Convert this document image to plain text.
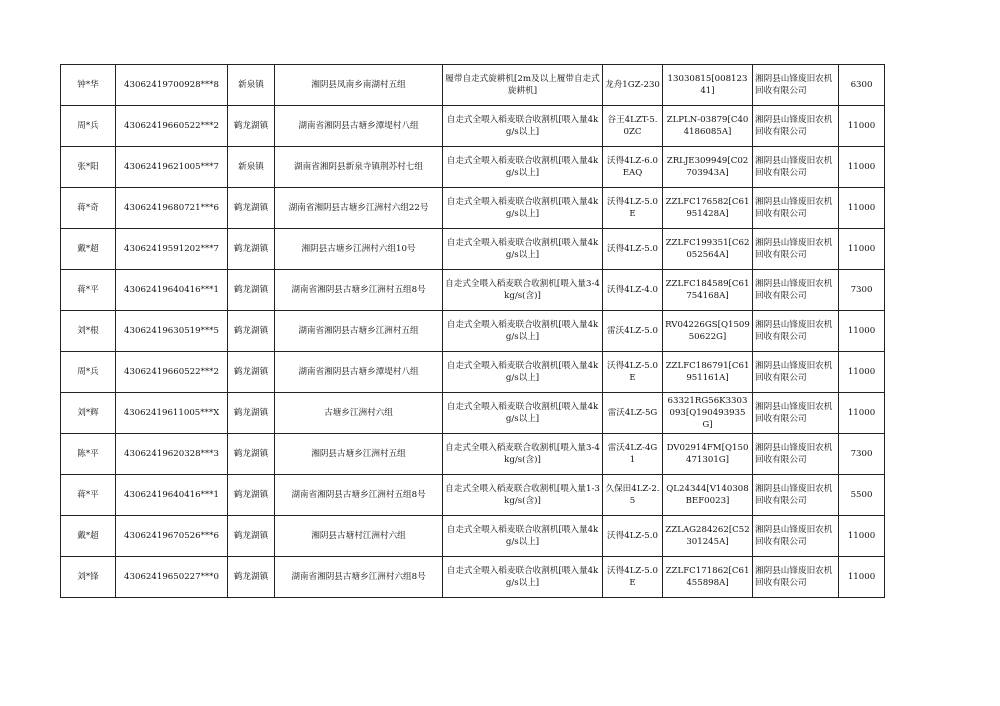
钟*华	43062419700928***8	新泉镇	湘阴县凤南乡南湖村五组	履带自走式旋耕机[2m及以上履带自走式旋耕机]	龙舟1GZ-230	13030815[00812341]	湘阴县山锋废旧农机回收有限公司	6300
周*兵	43062419660522***2	鹤龙湖镇	湖南省湘阴县古塘乡潭堤村八组	自走式全喂入稻麦联合收割机[喂入量4kg/s以上]	谷王4LZT-5.0ZC	ZLPLN-03879[C404186085A]	湘阴县山锋废旧农机回收有限公司	11000
张*阳	43062419621005***7	新泉镇	湖南省湘阴县新泉寺镇荆苏村七组	自走式全喂入稻麦联合收割机[喂入量4kg/s以上]	沃得4LZ-6.0EAQ	ZRLJE309949[C02703943A]	湘阴县山锋废旧农机回收有限公司	11000
蒋*奇	43062419680721***6	鹤龙湖镇	湖南省湘阴县古塘乡江洲村六组22号	自走式全喂入稻麦联合收割机[喂入量4kg/s以上]	沃得4LZ-5.0E	ZZLFC176582[C61951428A]	湘阴县山锋废旧农机回收有限公司	11000
戴*超	43062419591202***7	鹤龙湖镇	湘阴县古塘乡江洲村六组10号	自走式全喂入稻麦联合收割机[喂入量4kg/s以上]	沃得4LZ-5.0	ZZLFC199351[C62052564A]	湘阴县山锋废旧农机回收有限公司	11000
蒋*平	43062419640416***1	鹤龙湖镇	湖南省湘阴县古塘乡江洲村五组8号	自走式全喂入稻麦联合收割机[喂入量3-4kg/s(含)]	沃得4LZ-4.0	ZZLFC184589[C61754168A]	湘阴县山锋废旧农机回收有限公司	7300
刘*根	43062419630519***5	鹤龙湖镇	湖南省湘阴县古塘乡江洲村五组	自走式全喂入稻麦联合收割机[喂入量4kg/s以上]	雷沃4LZ-5.0	RV04226GS[Q150950622G]	湘阴县山锋废旧农机回收有限公司	11000
周*兵	43062419660522***2	鹤龙湖镇	湖南省湘阴县古塘乡潭堤村八组	自走式全喂入稻麦联合收割机[喂入量4kg/s以上]	沃得4LZ-5.0E	ZZLFC186791[C61951161A]	湘阴县山锋废旧农机回收有限公司	11000
刘*辉	43062419611005***X	鹤龙湖镇	古塘乡江洲村六组	自走式全喂入稻麦联合收割机[喂入量4kg/s以上]	雷沃4LZ-5G	63321RG56K3303093[Q190493935G]	湘阴县山锋废旧农机回收有限公司	11000
陈*平	43062419620328***3	鹤龙湖镇	湘阴县古塘乡江洲村五组	自走式全喂入稻麦联合收割机[喂入量3-4kg/s(含)]	雷沃4LZ-4G1	DV02914FM[Q150471301G]	湘阴县山锋废旧农机回收有限公司	7300
蒋*平	43062419640416***1	鹤龙湖镇	湖南省湘阴县古塘乡江洲村五组8号	自走式全喂入稻麦联合收割机[喂入量1-3kg/s(含)]	久保田4LZ-2.5	QL24344[V140308BEF0023]	湘阴县山锋废旧农机回收有限公司	5500
戴*超	43062419670526***6	鹤龙湖镇	湘阴县古塘村江洲村六组	自走式全喂入稻麦联合收割机[喂入量4kg/s以上]	沃得4LZ-5.0	ZZLAG284262[C52301245A]	湘阴县山锋废旧农机回收有限公司	11000
刘*锋	43062419650227***0	鹤龙湖镇	湖南省湘阴县古塘乡江洲村六组8号	自走式全喂入稻麦联合收割机[喂入量4kg/s以上]	沃得4LZ-5.0E	ZZLFC171862[C61455898A]	湘阴县山锋废旧农机回收有限公司	11000
